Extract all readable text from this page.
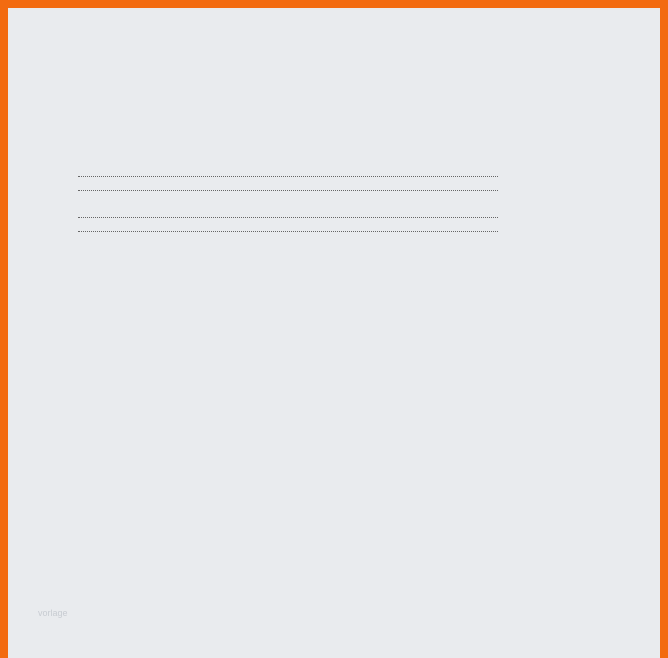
vorlage
